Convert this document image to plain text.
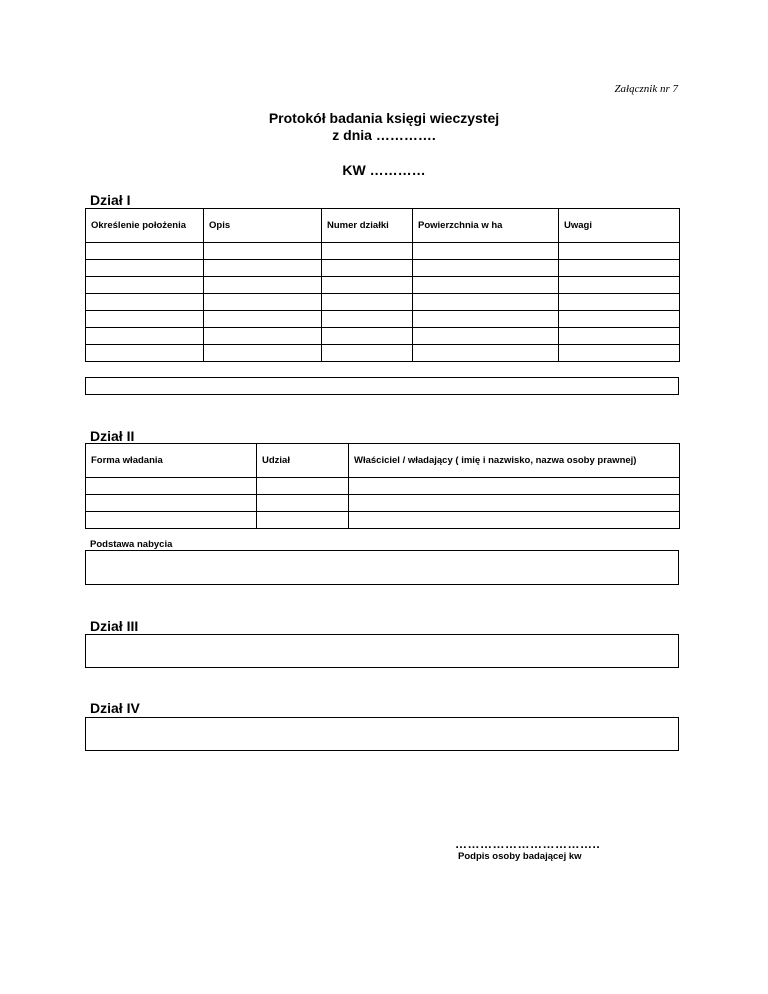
Załącznik nr 7
Protokół badania księgi wieczystej
z dnia ………….
KW …………
Dział I
Określenie położenia	Opis	Numer działki	Powierzchnia w ha	Uwagi

Dział II
Forma władania	Udział	Właściciel / władający ( imię i nazwisko, nazwa osoby prawnej)

Podstawa nabycia
Dział III
Dział IV
……………………………..
Podpis osoby badającej kw
